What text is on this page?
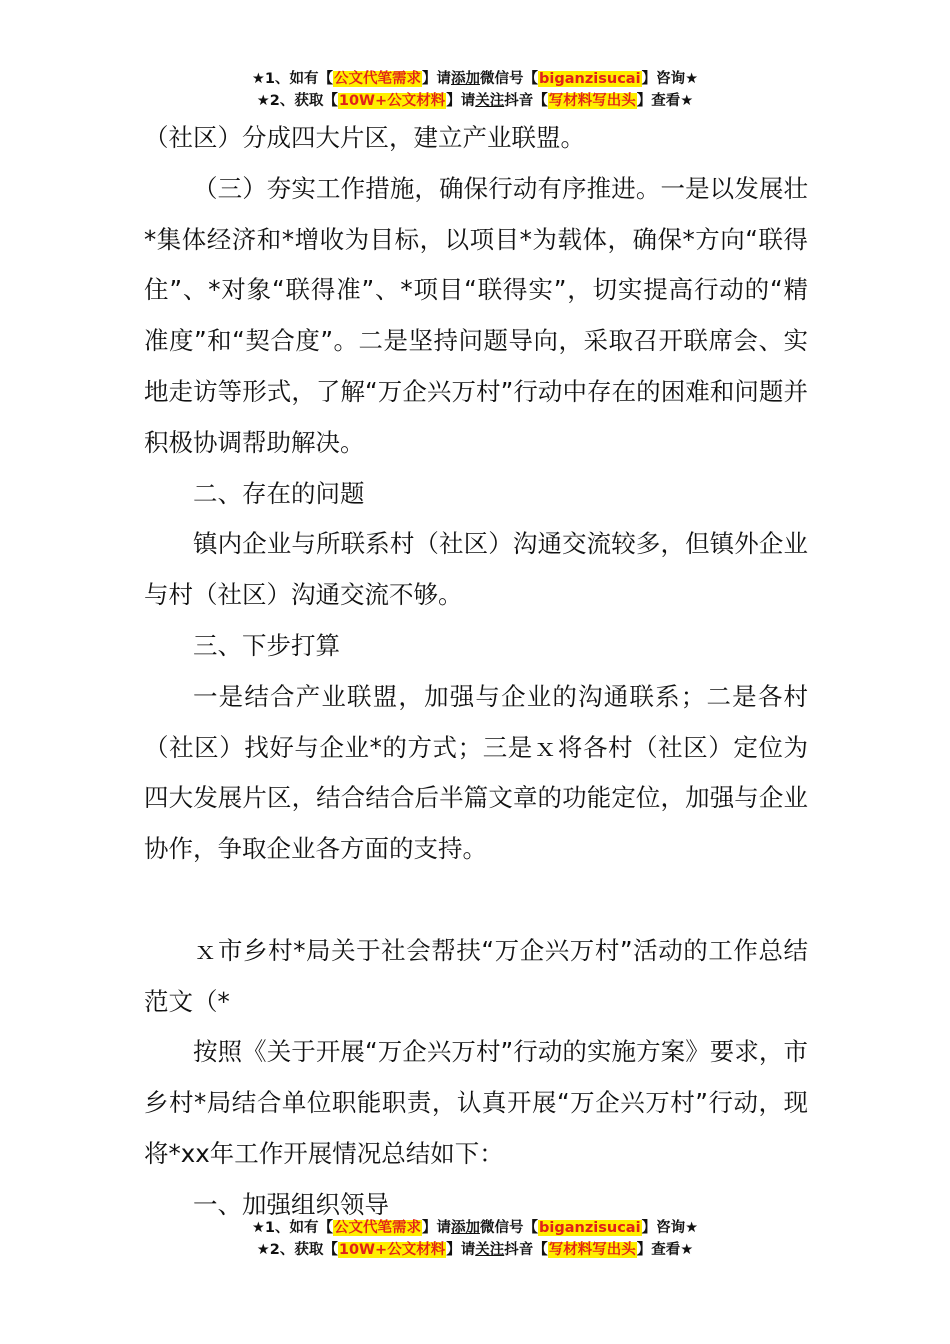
★1、如有【公文代笔需求】请添加微信号【biganzisucai】咨询★
★2、获取【10W+公文材料】请关注抖音【写材料写出头】查看★

（社区）分成四大片区，建立产业联盟。

（三）夯实工作措施，确保行动有序推进。一是以发展壮*集体经济和*增收为目标，以项目*为载体，确保*方向“联得住”、*对象“联得准”、*项目“联得实”，切实提高行动的“精准度”和“契合度”。二是坚持问题导向，采取召开联席会、实地走访等形式，了解“万企兴万村”行动中存在的困难和问题并积极协调帮助解决。

二、存在的问题

镇内企业与所联系村（社区）沟通交流较多，但镇外企业与村（社区）沟通交流不够。

三、下步打算

一是结合产业联盟，加强与企业的沟通联系；二是各村（社区）找好与企业*的方式；三是ｘ将各村（社区）定位为四大发展片区，结合结合后半篇文章的功能定位，加强与企业协作，争取企业各方面的支持。

ｘ市乡村*局关于社会帮扶“万企兴万村”活动的工作总结范文（*

按照《关于开展“万企兴万村”行动的实施方案》要求，市乡村*局结合单位职能职责，认真开展“万企兴万村”行动，现将*xx年工作开展情况总结如下：

一、加强组织领导

★1、如有【公文代笔需求】请添加微信号【biganzisucai】咨询★
★2、获取【10W+公文材料】请关注抖音【写材料写出头】查看★
